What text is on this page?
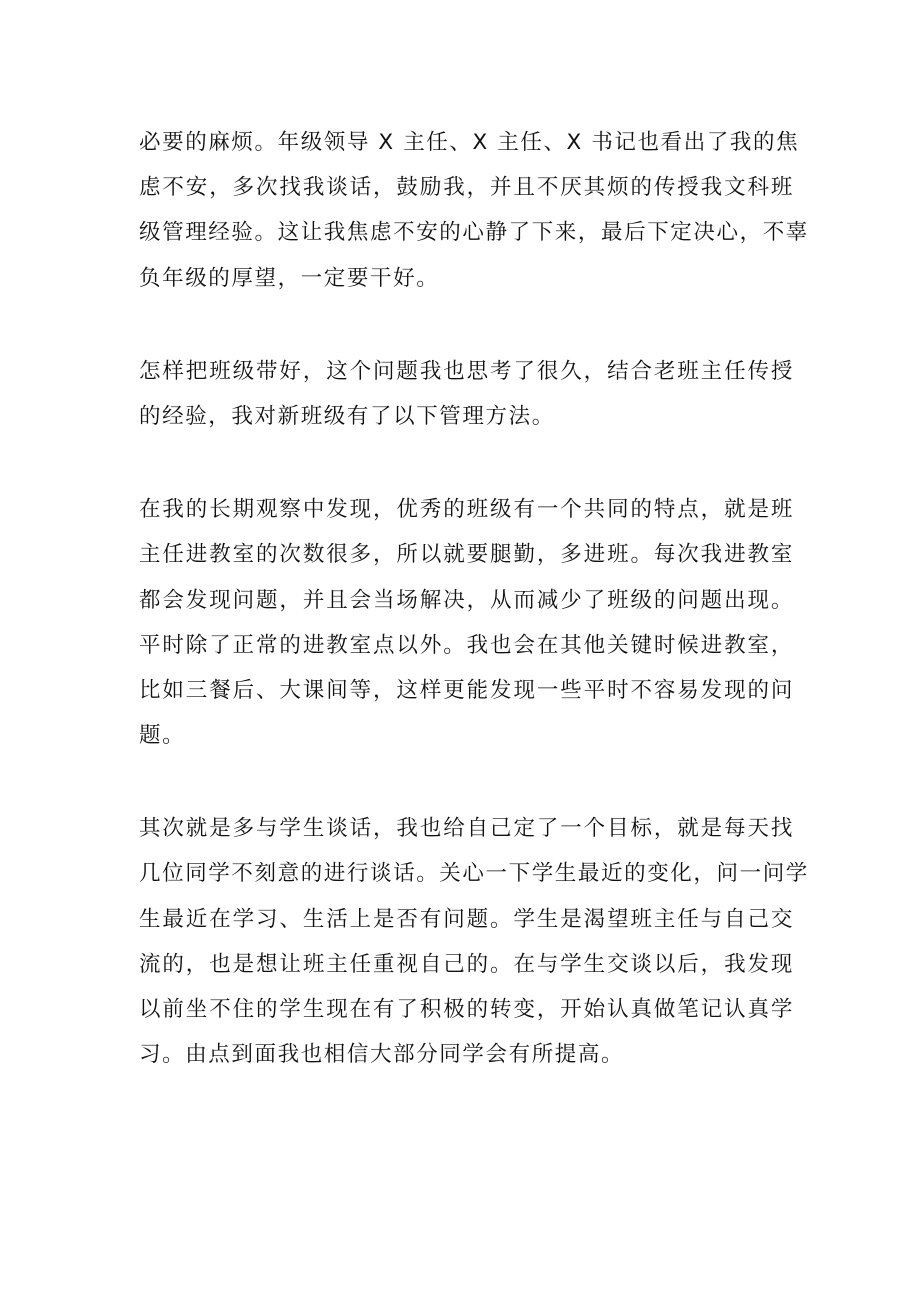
必要的麻烦。年级领导 X 主任、X 主任、X 书记也看出了我的焦
虑不安，多次找我谈话，鼓励我，并且不厌其烦的传授我文科班
级管理经验。这让我焦虑不安的心静了下来，最后下定决心，不辜
负年级的厚望，一定要干好。
怎样把班级带好，这个问题我也思考了很久，结合老班主任传授
的经验，我对新班级有了以下管理方法。
在我的长期观察中发现，优秀的班级有一个共同的特点，就是班
主任进教室的次数很多，所以就要腿勤，多进班。每次我进教室
都会发现问题，并且会当场解决，从而减少了班级的问题出现。
平时除了正常的进教室点以外。我也会在其他关键时候进教室，
比如三餐后、大课间等，这样更能发现一些平时不容易发现的问
题。
其次就是多与学生谈话，我也给自己定了一个目标，就是每天找
几位同学不刻意的进行谈话。关心一下学生最近的变化，问一问学
生最近在学习、生活上是否有问题。学生是渴望班主任与自己交
流的，也是想让班主任重视自己的。在与学生交谈以后，我发现
以前坐不住的学生现在有了积极的转变，开始认真做笔记认真学
习。由点到面我也相信大部分同学会有所提高。
